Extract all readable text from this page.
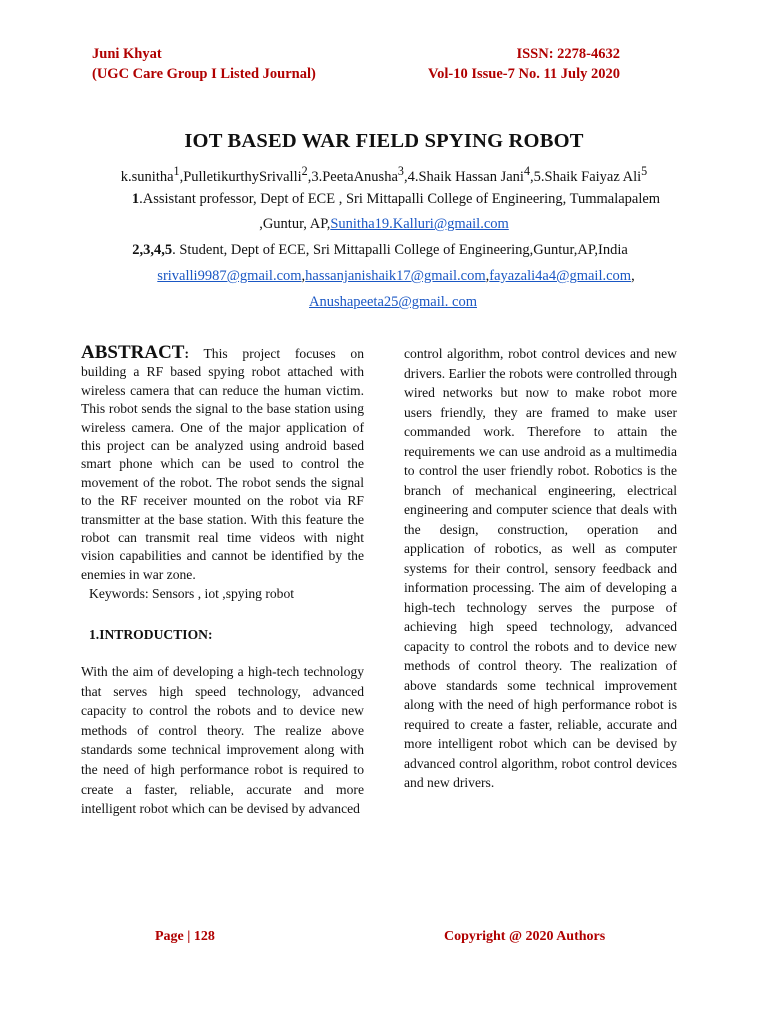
Juni Khyat
(UGC Care Group I Listed Journal)
ISSN: 2278-4632
Vol-10 Issue-7 No. 11 July 2020
IOT BASED WAR FIELD SPYING ROBOT
k.sunitha$^1$,PulletikurthySrivalli$^2$,3.PeetaAnusha$^3$,4.Shaik Hassan Jani$^4$,5.Shaik Faiyaz Ali$^5$
1.Assistant professor, Dept of ECE , Sri Mittapalli College of Engineering, Tummalapalem
,Guntur, AP,Sunitha19.Kalluri@gmail.com
2,3,4,5. Student, Dept of ECE, Sri Mittapalli College of Engineering,Guntur,AP,India
srivalli9987@gmail.com,hassanjanishaik17@gmail.com,fayazali4a4@gmail.com,
Anushapeeta25@gmail. com
ABSTRACT: This project focuses on building a RF based spying robot attached with wireless camera that can reduce the human victim. This robot sends the signal to the base station using wireless camera. One of the major application of this project can be analyzed using android based smart phone which can be used to control the movement of the robot. The robot sends the signal to the RF receiver mounted on the robot via RF transmitter at the base station. With this feature the robot can transmit real time videos with night vision capabilities and cannot be identified by the enemies in war zone.
Keywords: Sensors , iot ,spying robot
1.INTRODUCTION:
With the aim of developing a high-tech technology that serves high speed technology, advanced capacity to control the robots and to device new methods of control theory. The realize above standards some technical improvement along with the need of high performance robot is required to create a faster, reliable, accurate and more intelligent robot which can be devised by advanced
control algorithm, robot control devices and new drivers. Earlier the robots were controlled through wired networks but now to make robot more users friendly, they are framed to make user commanded work. Therefore to attain the requirements we can use android as a multimedia to control the user friendly robot. Robotics is the branch of mechanical engineering, electrical engineering and computer science that deals with the design, construction, operation and application of robotics, as well as computer systems for their control, sensory feedback and information processing. The aim of developing a high-tech technology serves the purpose of achieving high speed technology, advanced capacity to control the robots and to device new methods of control theory. The realization of above standards some technical improvement along with the need of high performance robot is required to create a faster, reliable, accurate and more intelligent robot which can be devised by advanced control algorithm, robot control devices and new drivers.
Page | 128	Copyright @ 2020 Authors
